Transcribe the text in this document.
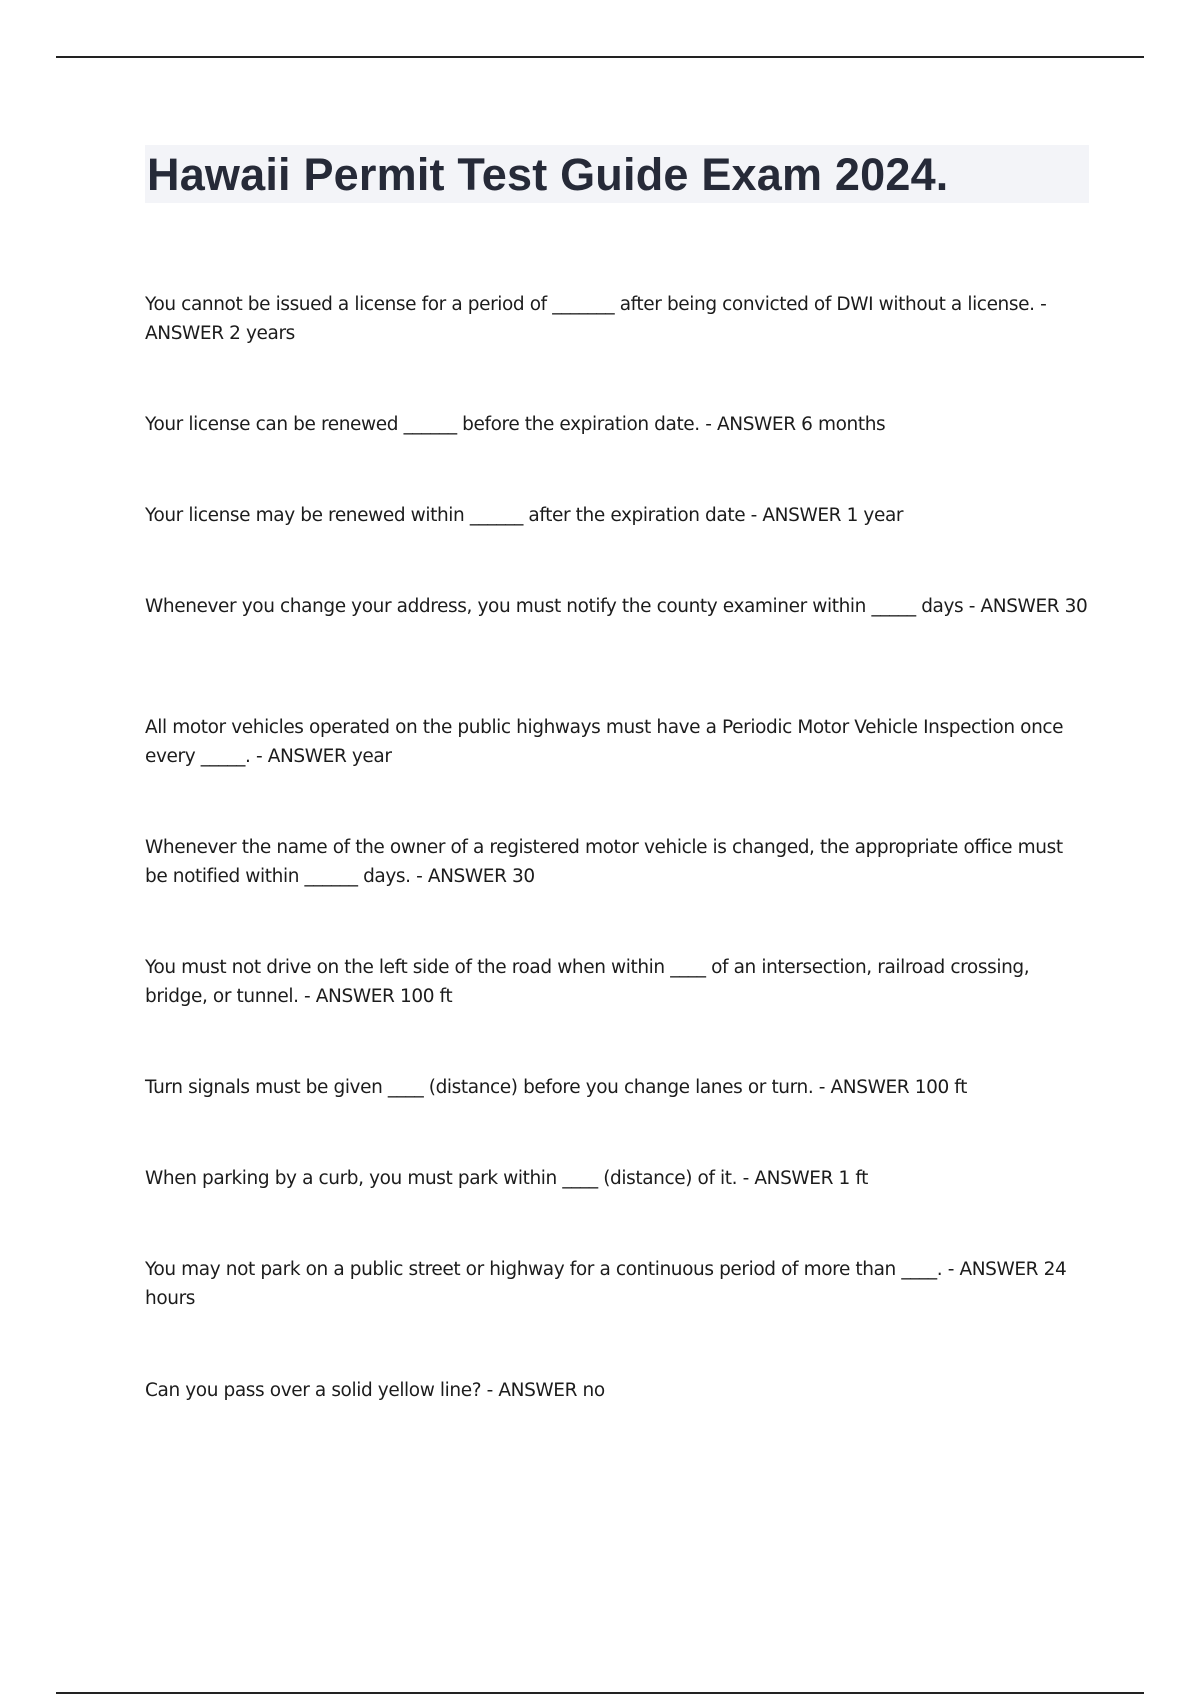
Hawaii Permit Test Guide Exam 2024.
You cannot be issued a license for a period of _______ after being convicted of DWI without a license. - ANSWER 2 years
Your license can be renewed ______ before the expiration date. - ANSWER 6 months
Your license may be renewed within ______ after the expiration date - ANSWER 1 year
Whenever you change your address, you must notify the county examiner within _____ days - ANSWER 30
All motor vehicles operated on the public highways must have a Periodic Motor Vehicle Inspection once every _____. - ANSWER year
Whenever the name of the owner of a registered motor vehicle is changed, the appropriate office must be notified within ______ days. - ANSWER 30
You must not drive on the left side of the road when within ____ of an intersection, railroad crossing, bridge, or tunnel. - ANSWER 100 ft
Turn signals must be given ____ (distance) before you change lanes or turn. - ANSWER 100 ft
When parking by a curb, you must park within ____ (distance) of it. - ANSWER 1 ft
You may not park on a public street or highway for a continuous period of more than ____. - ANSWER 24 hours
Can you pass over a solid yellow line? - ANSWER no
